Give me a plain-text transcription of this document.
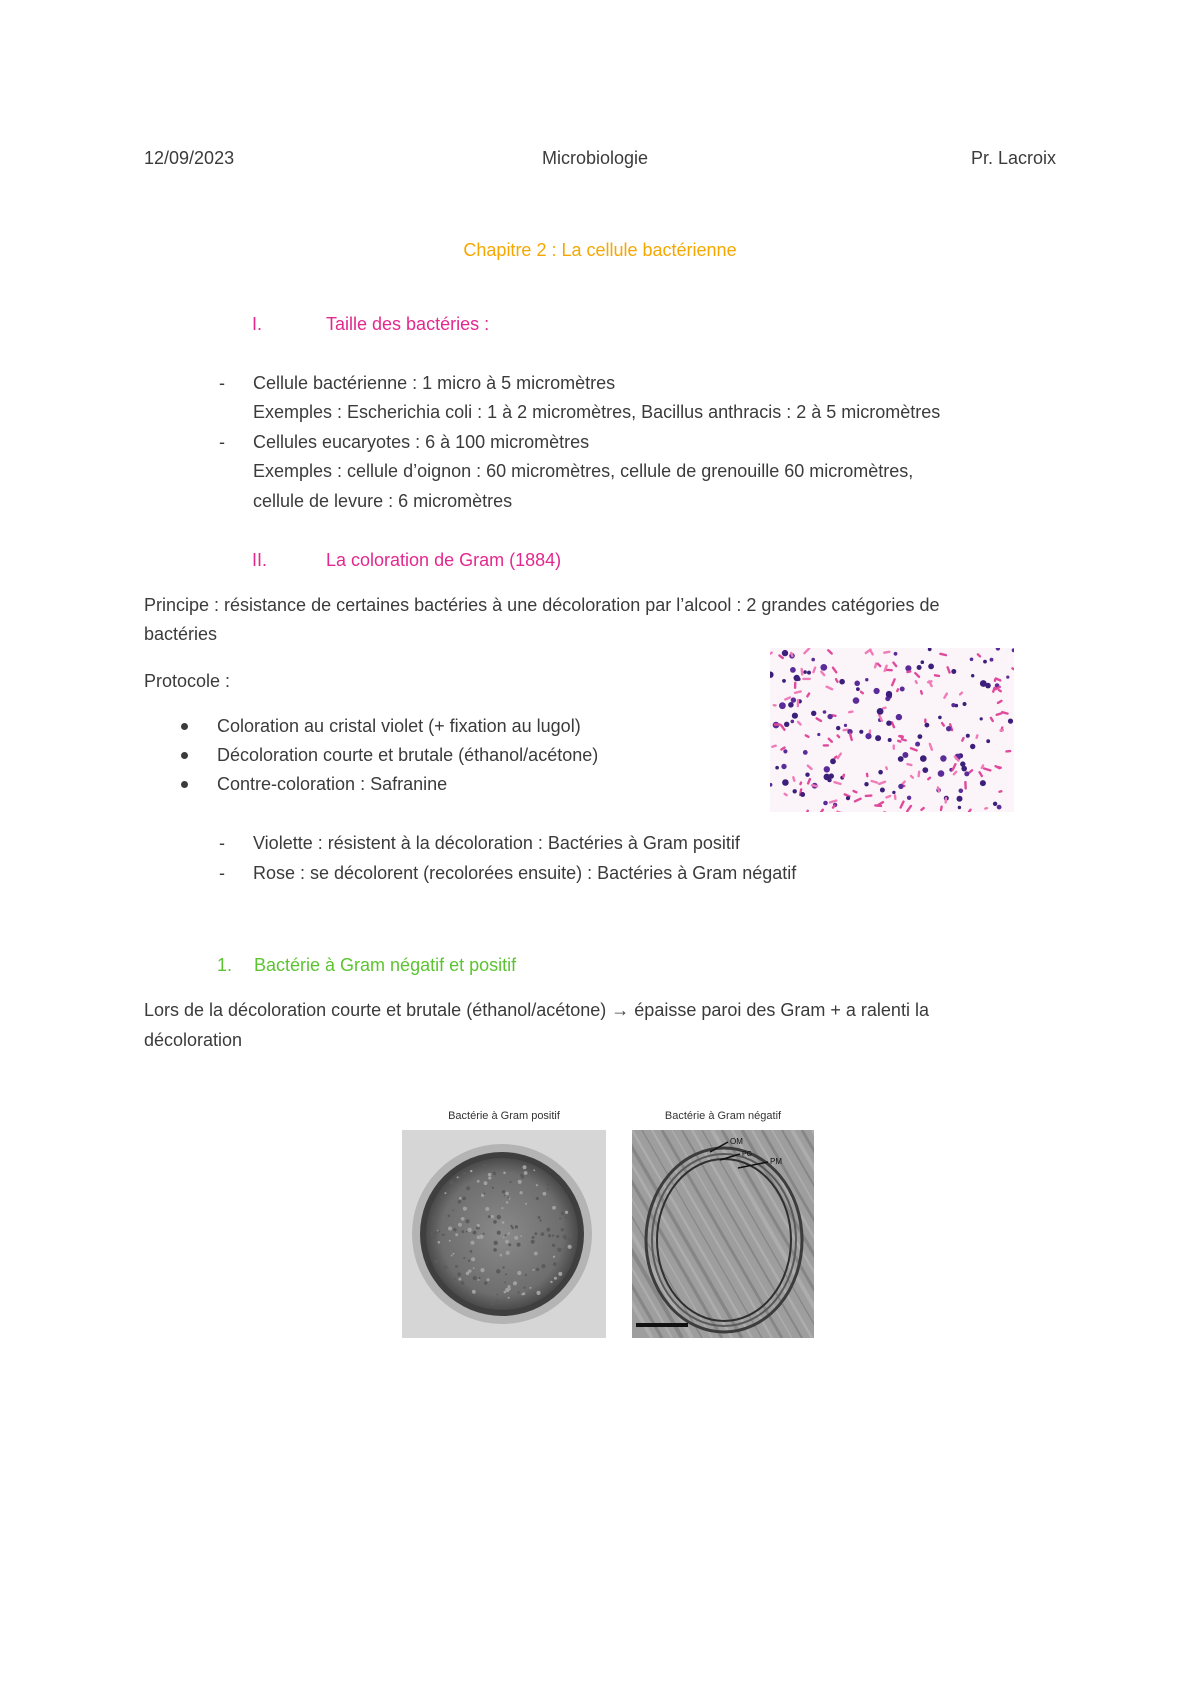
12/09/2023	Microbiologie	Pr. Lacroix
Chapitre 2 : La cellule bactérienne
I.	Taille des bactéries :
- Cellule bactérienne : 1 micro à 5 micromètres
Exemples : Escherichia coli : 1 à 2 micromètres, Bacillus anthracis : 2 à 5 micromètres
- Cellules eucaryotes : 6 à 100 micromètres
Exemples : cellule d’oignon : 60 micromètres, cellule de grenouille 60 micromètres,
cellule de levure : 6 micromètres
II.	La coloration de Gram (1884)
Principe : résistance de certaines bactéries à une décoloration par l’alcool : 2 grandes catégories de
bactéries
Protocole :
Coloration au cristal violet (+ fixation au lugol)
Décoloration courte et brutale (éthanol/acétone)
Contre-coloration : Safranine
- Violette : résistent à la décoloration : Bactéries à Gram positif
- Rose : se décolorent (recolorées ensuite) : Bactéries à Gram négatif
1. Bactérie à Gram négatif et positif
Lors de la décoloration courte et brutale (éthanol/acétone) → épaisse paroi des Gram + a ralenti la
décoloration
Bactérie à Gram positif	Bactérie à Gram négatif
OM
PG
PM
